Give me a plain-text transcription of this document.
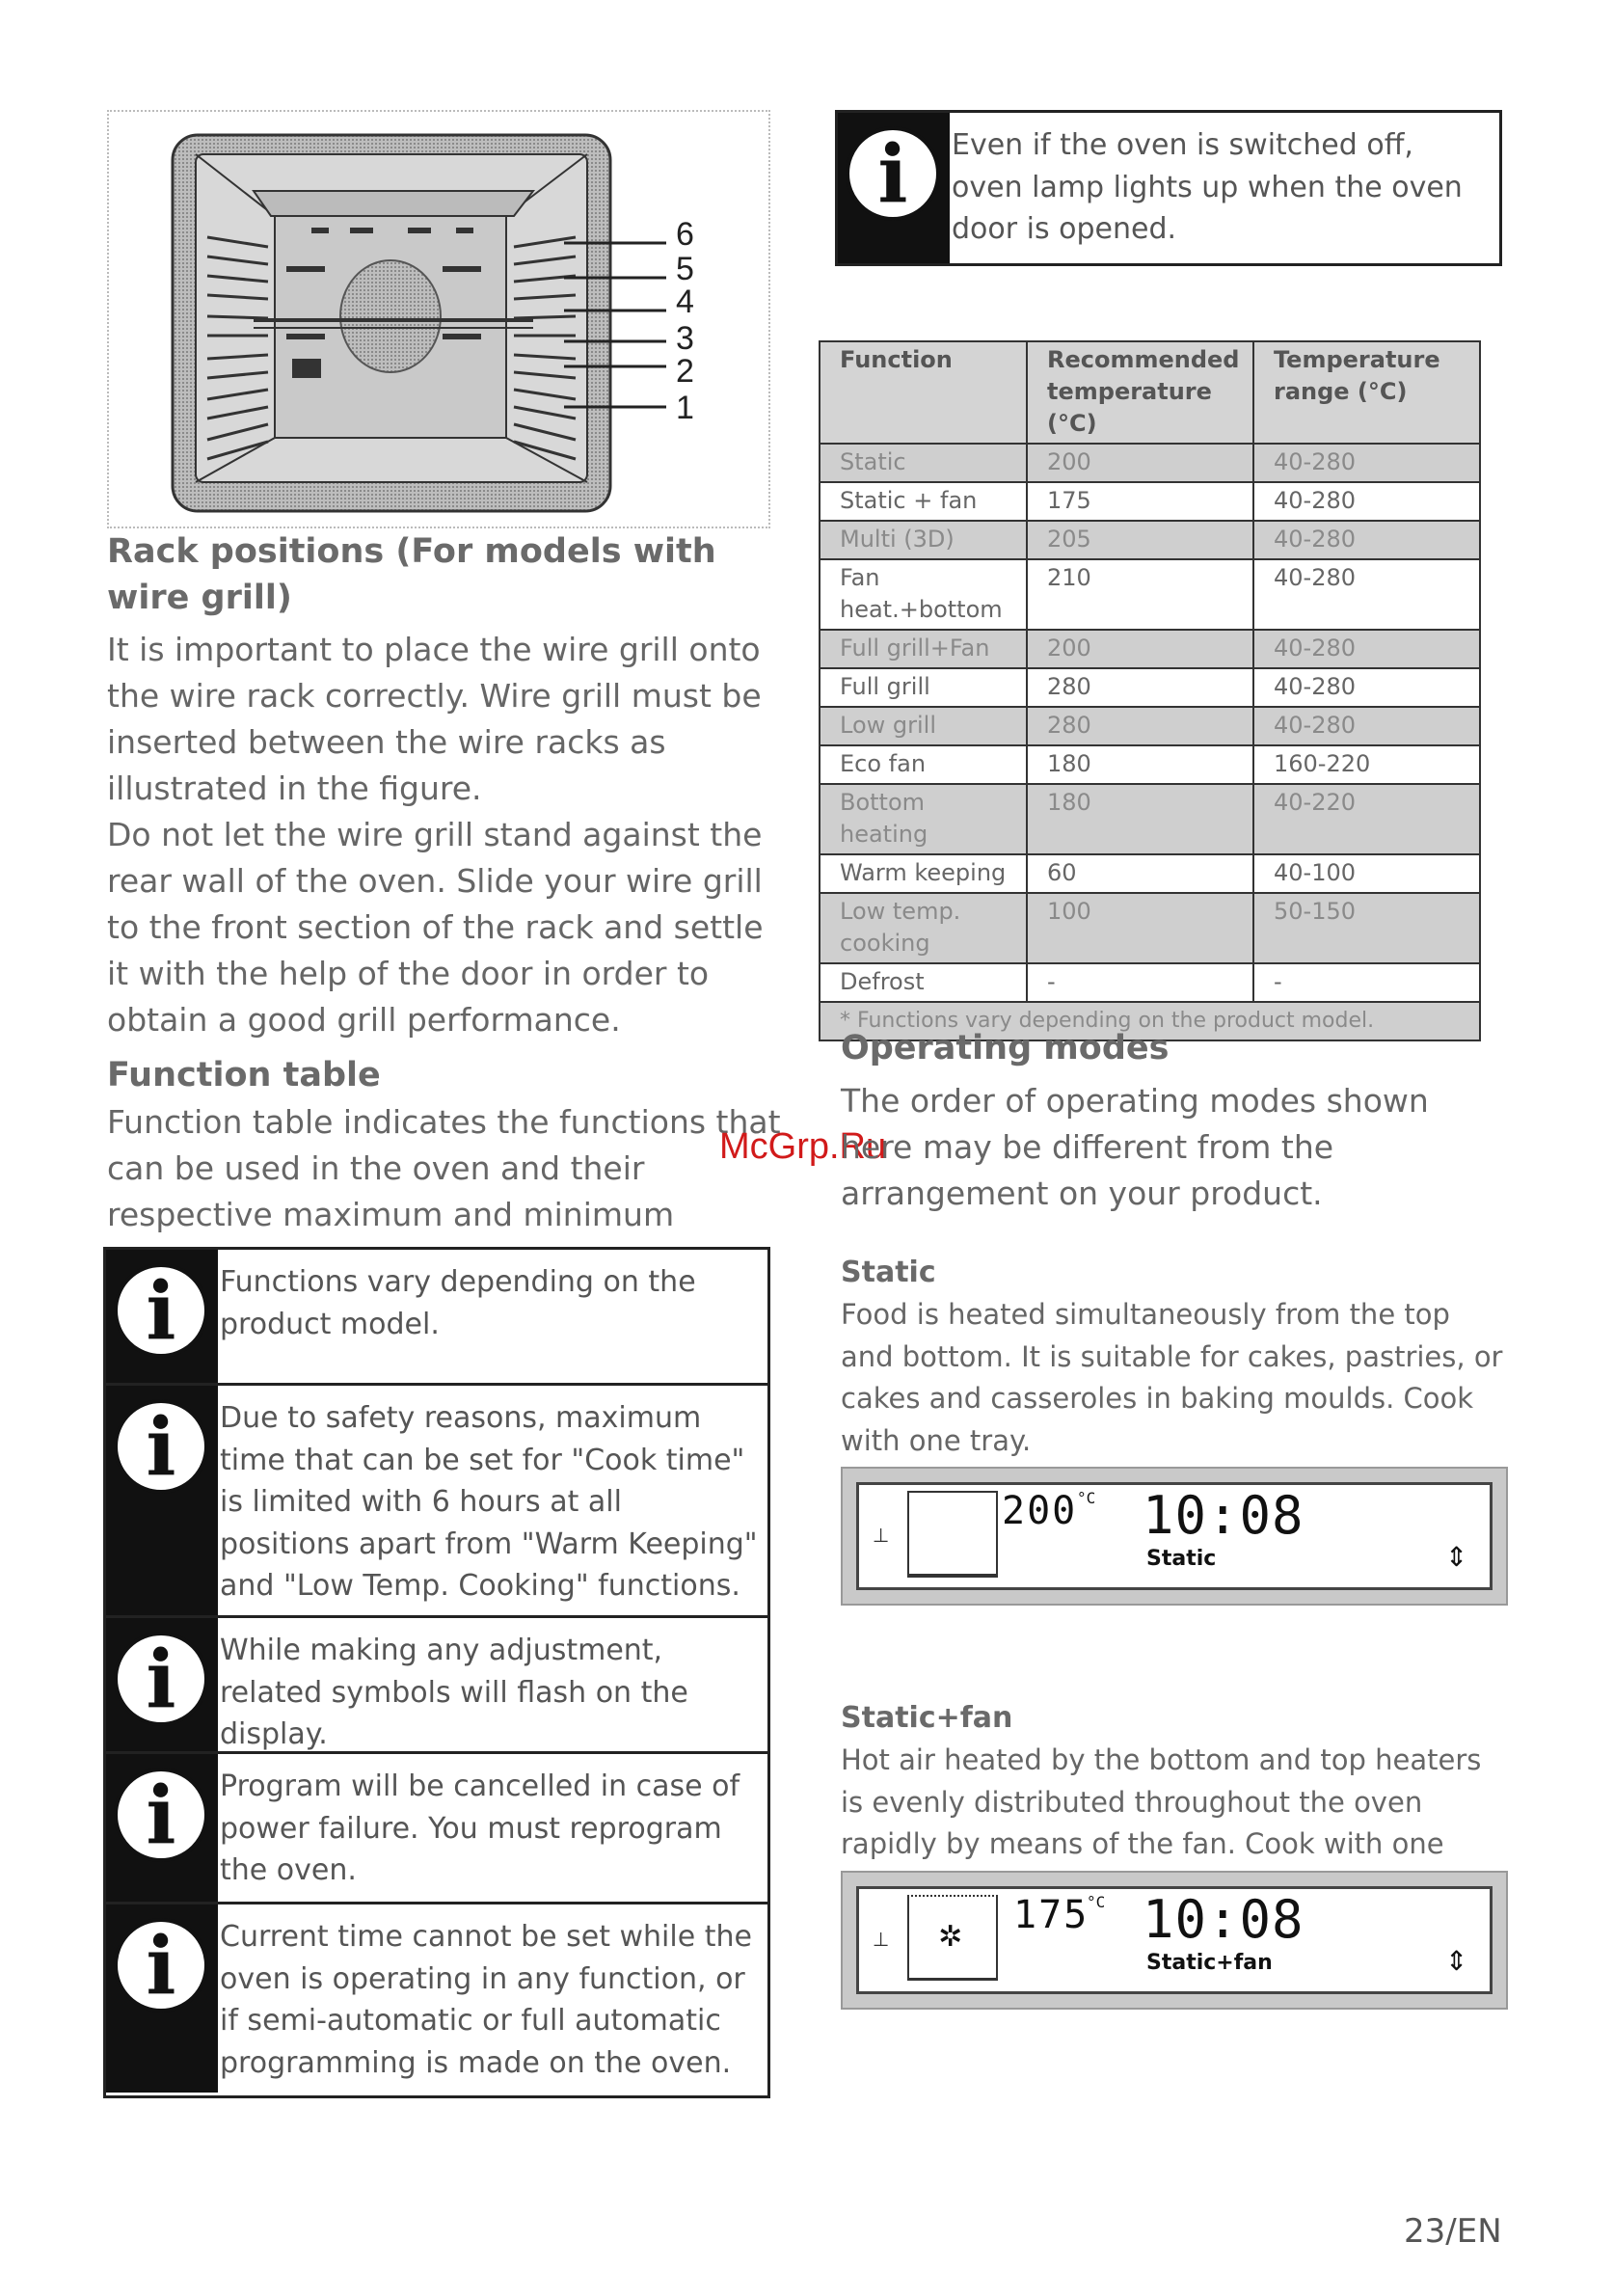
6
5
4
3
2
1
Rack positions (For models with wire grill)
It is important to place the wire grill onto the wire rack correctly. Wire grill must be inserted between the wire racks as illustrated in the figure.
Do not let the wire grill stand against the rear wall of the oven. Slide your wire grill to the front section of the rack and settle it with the help of the door in order to obtain a good grill performance.
Function table
Function table indicates the functions that can be used in the oven and their respective maximum and minimum
i	Functions vary depending on the product model.
i	Due to safety reasons, maximum time that can be set for "Cook time" is limited with 6 hours at all positions apart from "Warm Keeping" and "Low Temp. Cooking" functions.
i	While making any adjustment, related symbols will flash on the display.
i	Program will be cancelled in case of power failure. You must reprogram the oven.
i	Current time cannot be set while the oven is operating in any function, or if semi-automatic or full automatic programming is made on the oven.
i	Even if the oven is switched off, oven lamp lights up when the oven door is opened.
Function	Recommended temperature (°C)	Temperature range (°C)
Static	200	40-280
Static + fan	175	40-280
Multi (3D)	205	40-280
Fan heat.+bottom	210	40-280
Full grill+Fan	200	40-280
Full grill	280	40-280
Low grill	280	40-280
Eco fan	180	160-220
Bottom heating	180	40-220
Warm keeping	60	40-100
Low temp. cooking	100	50-150
Defrost	-	-
* Functions vary depending on the product model.		
McGrp.Ru
Operating modes
The order of operating modes shown here may be different from the arrangement on your product.
Static
Food is heated simultaneously from the top and bottom. It is suitable for cakes, pastries, or cakes and casseroles in baking moulds. Cook with one tray.
⊥
200 °C 10:08
Static	⇕
Static+fan
Hot air heated by the bottom and top heaters is evenly distributed throughout the oven rapidly by means of the fan. Cook with one
⊥ ✲ 175
°C 10:08
Static+fan	⇕
23/EN
